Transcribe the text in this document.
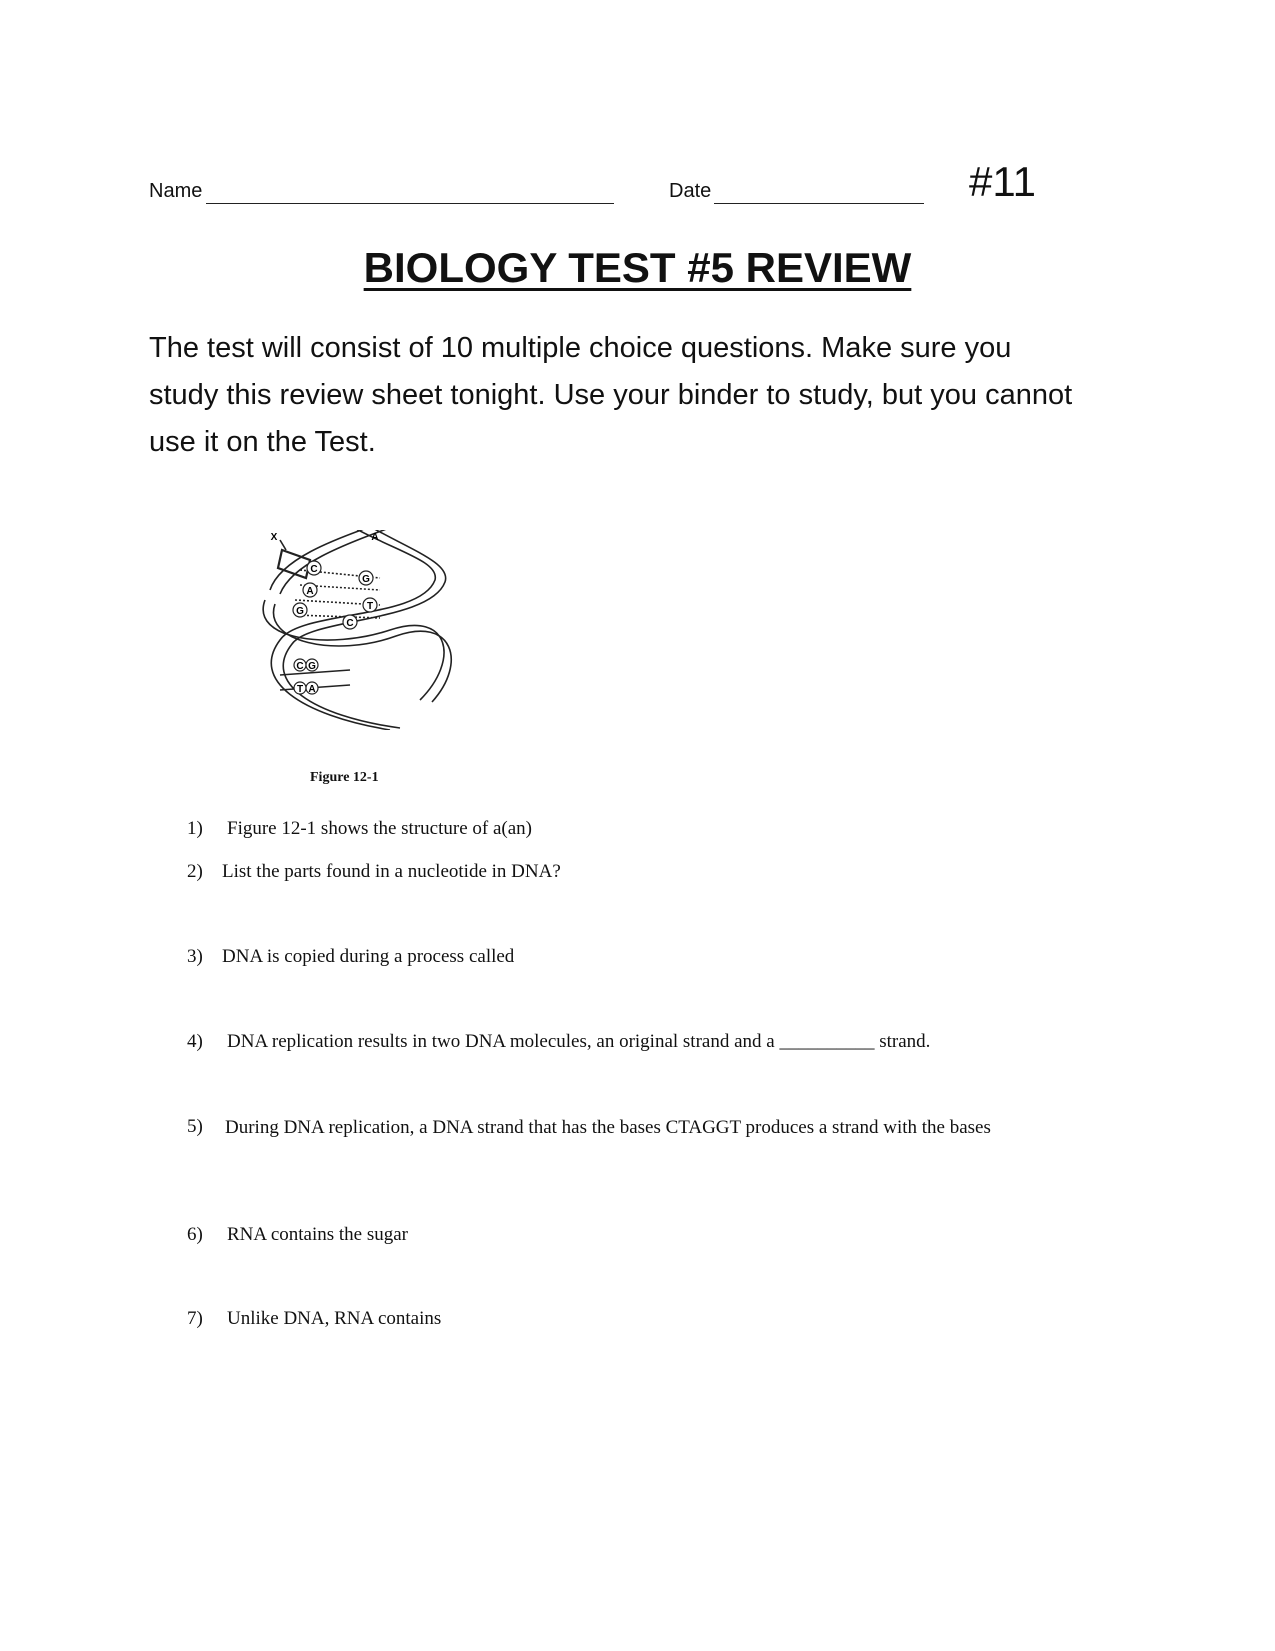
Name	Date	#11
BIOLOGY TEST #5 REVIEW
The test will consist of 10 multiple choice questions. Make sure you study this review sheet tonight. Use your binder to study, but you cannot use it on the Test.
X	A
C
G
A
T
G
C
C G
T A
Figure 12-1
1) Figure 12-1 shows the structure of a(an)
2) List the parts found in a nucleotide in DNA?
3) DNA is copied during a process called
4) DNA replication results in two DNA molecules, an original strand and a __________ strand.
5) During DNA replication, a DNA strand that has the bases CTAGGT produces a strand with the bases
6) RNA contains the sugar
7) Unlike DNA, RNA contains
